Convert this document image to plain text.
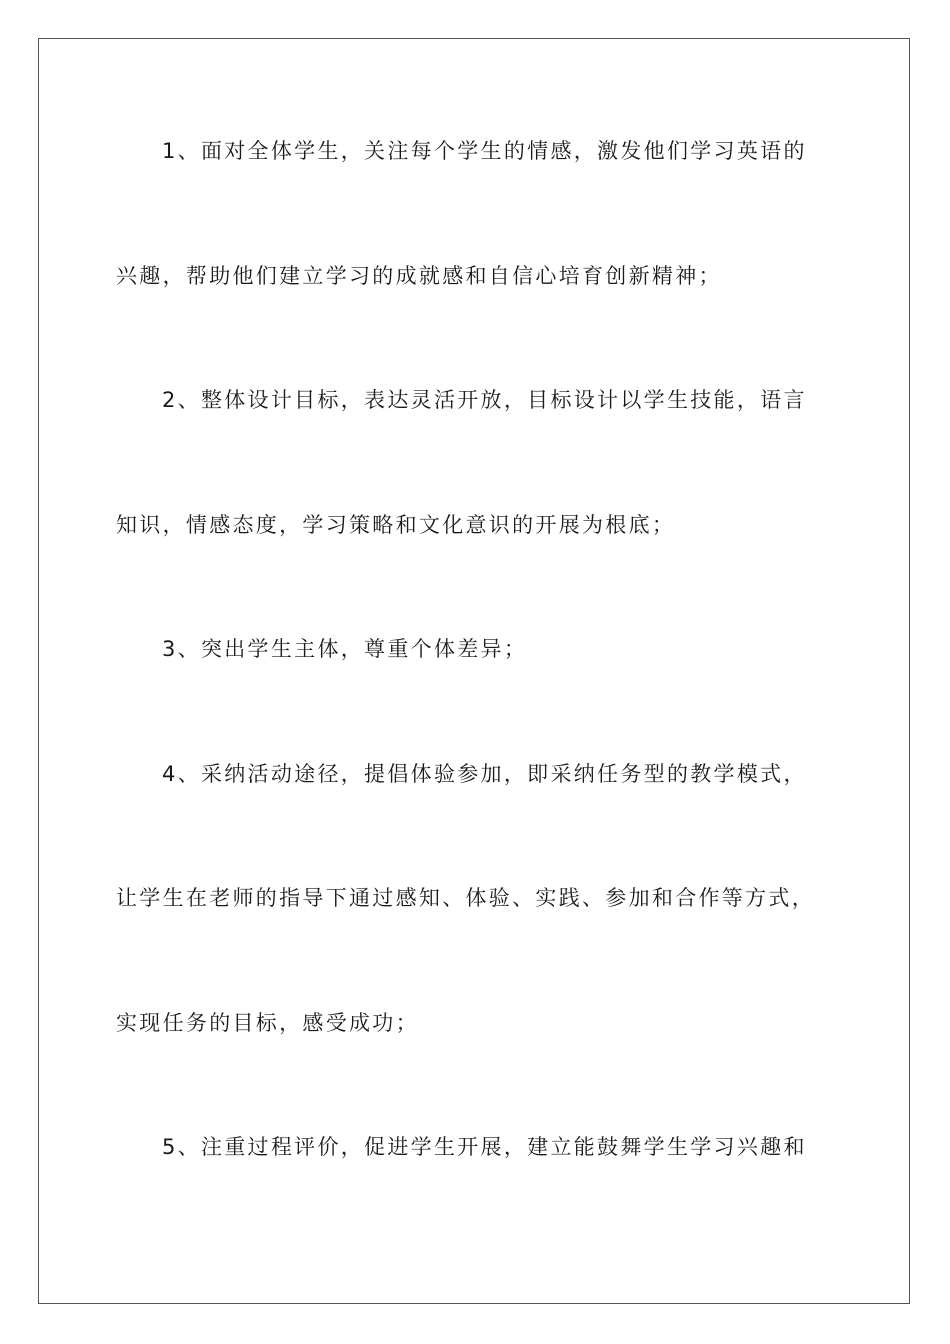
1、面对全体学生，关注每个学生的情感，激发他们学习英语的
兴趣，帮助他们建立学习的成就感和自信心培育创新精神；
2、整体设计目标，表达灵活开放，目标设计以学生技能，语言
知识，情感态度，学习策略和文化意识的开展为根底；
3、突出学生主体，尊重个体差异；
4、采纳活动途径，提倡体验参加，即采纳任务型的教学模式，
让学生在老师的指导下通过感知、体验、实践、参加和合作等方式，
实现任务的目标，感受成功；
5、注重过程评价，促进学生开展，建立能鼓舞学生学习兴趣和
